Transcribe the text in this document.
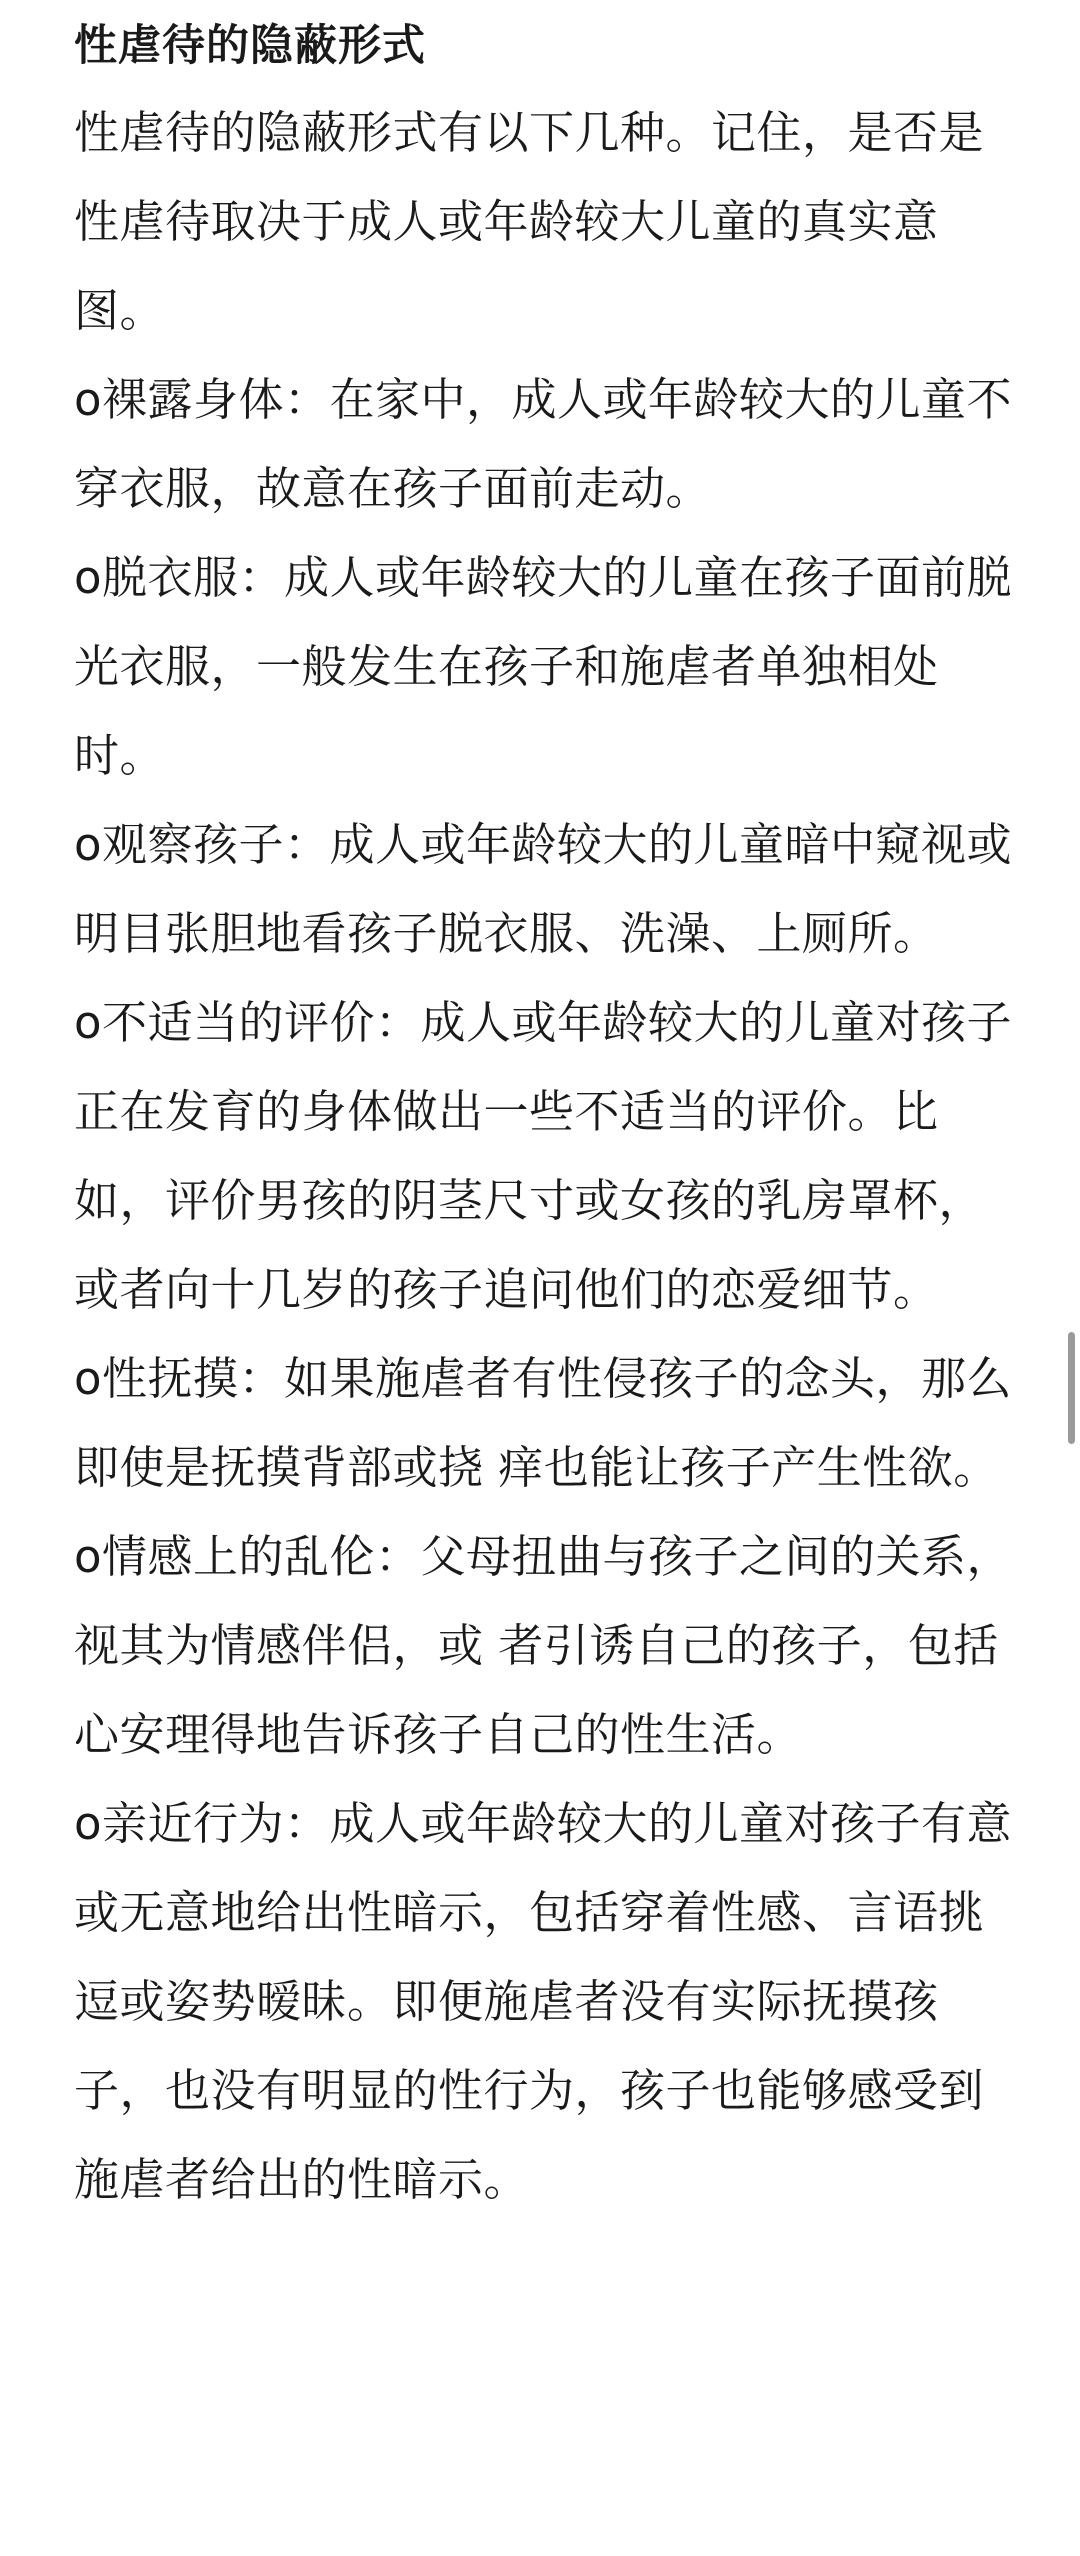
性虐待的隐蔽形式

性虐待的隐蔽形式有以下几种。记住，是否是性虐待取决于成人或年龄较大儿童的真实意图。

o裸露身体：在家中，成人或年龄较大的儿童不穿衣服，故意在孩子面前走动。

o脱衣服：成人或年龄较大的儿童在孩子面前脱光衣服，一般发生在孩子和施虐者单独相处时。

o观察孩子：成人或年龄较大的儿童暗中窥视或明目张胆地看孩子脱衣服、洗澡、上厕所。

o不适当的评价：成人或年龄较大的儿童对孩子正在发育的身体做出一些不适当的评价。比如，评价男孩的阴茎尺寸或女孩的乳房罩杯，或者向十几岁的孩子追问他们的恋爱细节。

o性抚摸：如果施虐者有性侵孩子的念头，那么即使是抚摸背部或挠 痒也能让孩子产生性欲。

o情感上的乱伦：父母扭曲与孩子之间的关系，视其为情感伴侣，或 者引诱自己的孩子，包括心安理得地告诉孩子自己的性生活。

o亲近行为：成人或年龄较大的儿童对孩子有意或无意地给出性暗示，包括穿着性感、言语挑逗或姿势暧昧。即便施虐者没有实际抚摸孩子，也没有明显的性行为，孩子也能够感受到施虐者给出的性暗示。
